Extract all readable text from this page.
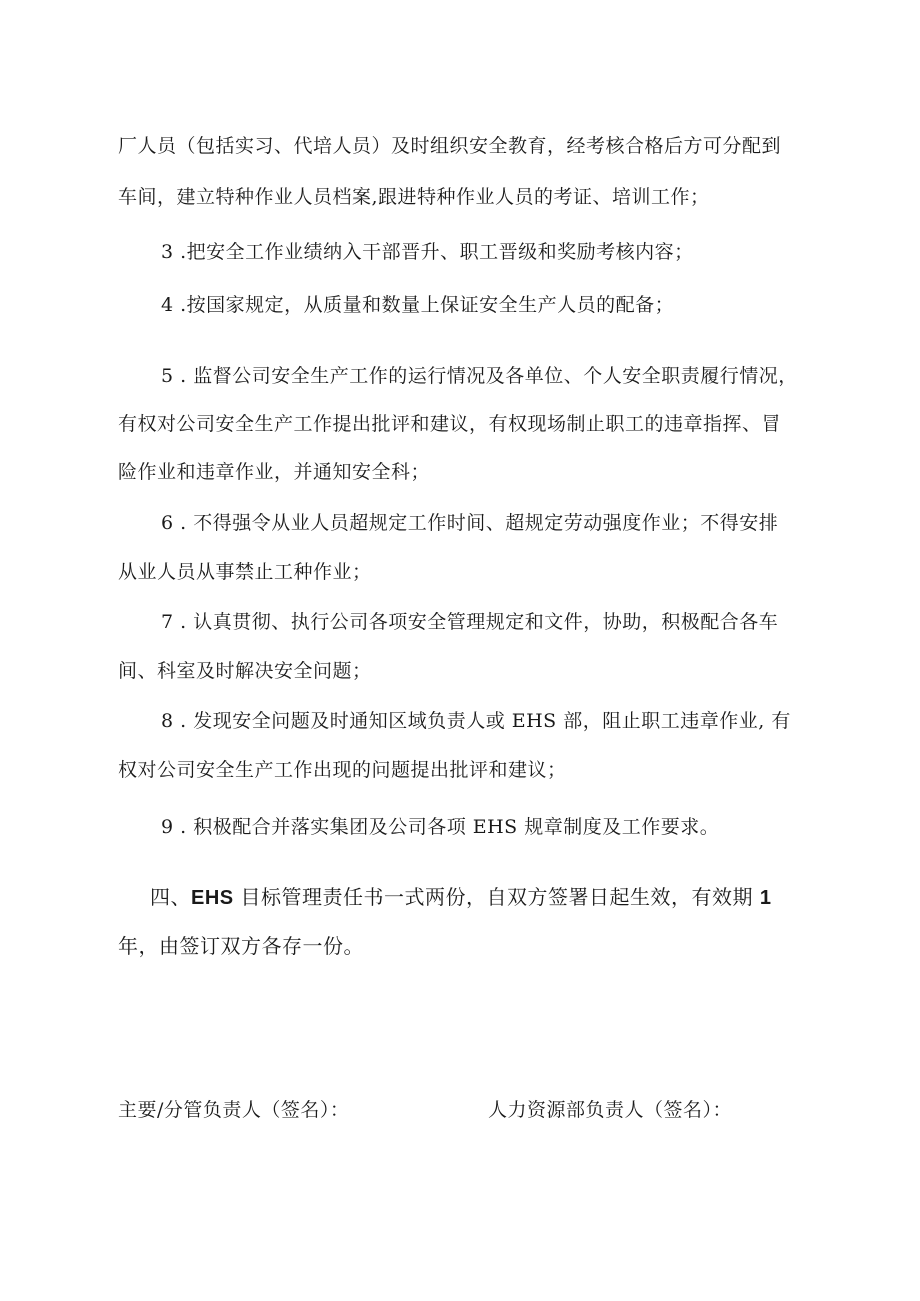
厂人员（包括实习、代培人员）及时组织安全教育，经考核合格后方可分配到
车间，建立特种作业人员档案,跟进特种作业人员的考证、培训工作；
3 .把安全工作业绩纳入干部晋升、职工晋级和奖励考核内容；
4 .按国家规定，从质量和数量上保证安全生产人员的配备；
5 . 监督公司安全生产工作的运行情况及各单位、个人安全职责履行情况，
有权对公司安全生产工作提出批评和建议，有权现场制止职工的违章指挥、冒
险作业和违章作业，并通知安全科；
6 . 不得强令从业人员超规定工作时间、超规定劳动强度作业；不得安排
从业人员从事禁止工种作业；
7 . 认真贯彻、执行公司各项安全管理规定和文件，协助，积极配合各车
间、科室及时解决安全问题；
8 . 发现安全问题及时通知区域负责人或 EHS 部，阻止职工违章作业, 有
权对公司安全生产工作出现的问题提出批评和建议；
9 . 积极配合并落实集团及公司各项 EHS 规章制度及工作要求。
四、EHS 目标管理责任书一式两份，自双方签署日起生效，有效期 1
年，由签订双方各存一份。
主要/分管负责人（签名）：	人力资源部负责人（签名）：
